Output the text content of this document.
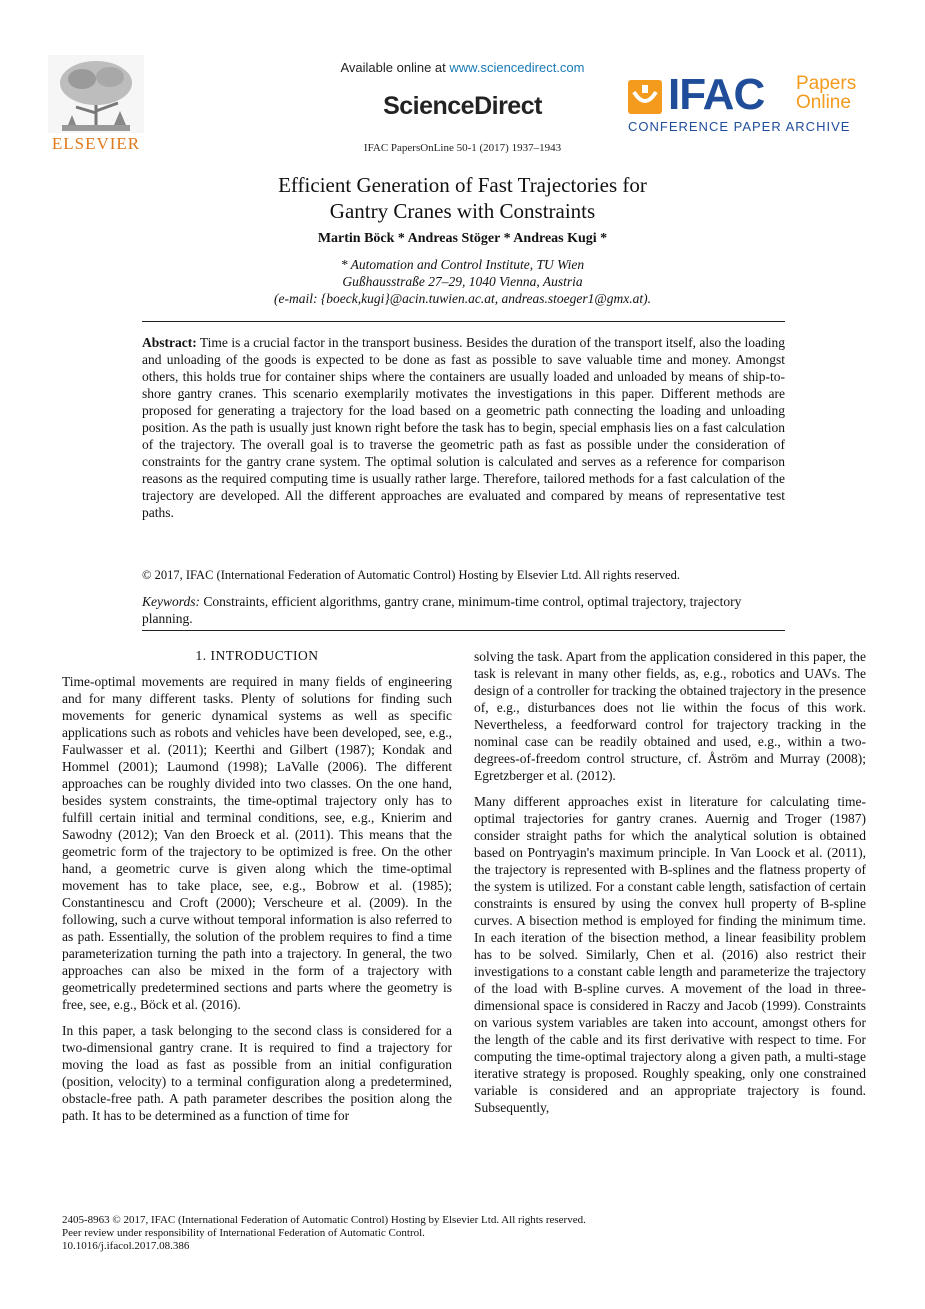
Available online at www.sciencedirect.com
ScienceDirect
IFAC PapersOnLine 50-1 (2017) 1937–1943
ELSEVIER
IFAC Papers
Online
CONFERENCE PAPER ARCHIVE
Efficient Generation of Fast Trajectories for
Gantry Cranes with Constraints
Martin Böck * Andreas Stöger * Andreas Kugi *
* Automation and Control Institute, TU Wien
Gußhausstraße 27–29, 1040 Vienna, Austria
(e-mail: {boeck,kugi}@acin.tuwien.ac.at, andreas.stoeger1@gmx.at).
Abstract: Time is a crucial factor in the transport business. Besides the duration of the transport itself, also the loading and unloading of the goods is expected to be done as fast as possible to save valuable time and money. Amongst others, this holds true for container ships where the containers are usually loaded and unloaded by means of ship-to-shore gantry cranes. This scenario exemplarily motivates the investigations in this paper. Different methods are proposed for generating a trajectory for the load based on a geometric path connecting the loading and unloading position. As the path is usually just known right before the task has to begin, special emphasis lies on a fast calculation of the trajectory. The overall goal is to traverse the geometric path as fast as possible under the consideration of constraints for the gantry crane system. The optimal solution is calculated and serves as a reference for comparison reasons as the required computing time is usually rather large. Therefore, tailored methods for a fast calculation of the trajectory are developed. All the different approaches are evaluated and compared by means of representative test paths.
© 2017, IFAC (International Federation of Automatic Control) Hosting by Elsevier Ltd. All rights reserved.
Keywords: Constraints, efficient algorithms, gantry crane, minimum-time control, optimal trajectory, trajectory planning.
1. INTRODUCTION

Time-optimal movements are required in many fields of engineering and for many different tasks. Plenty of solutions for finding such movements for generic dynamical systems as well as specific applications such as robots and vehicles have been developed, see, e.g., Faulwasser et al. (2011); Keerthi and Gilbert (1987); Kondak and Hommel (2001); Laumond (1998); LaValle (2006). The different approaches can be roughly divided into two classes. On the one hand, besides system constraints, the time-optimal trajectory only has to fulfill certain initial and terminal conditions, see, e.g., Knierim and Sawodny (2012); Van den Broeck et al. (2011). This means that the geometric form of the trajectory to be optimized is free. On the other hand, a geometric curve is given along which the time-optimal movement has to take place, see, e.g., Bobrow et al. (1985); Constantinescu and Croft (2000); Verscheure et al. (2009). In the following, such a curve without temporal information is also referred to as path. Essentially, the solution of the problem requires to find a time parameterization turning the path into a trajectory. In general, the two approaches can also be mixed in the form of a trajectory with geometrically predetermined sections and parts where the geometry is free, see, e.g., Böck et al. (2016).

In this paper, a task belonging to the second class is considered for a two-dimensional gantry crane. It is required to find a trajectory for moving the load as fast as possible from an initial configuration (position, velocity) to a terminal configuration along a predetermined, obstacle-free path. A path parameter describes the position along the path. It has to be determined as a function of time for

solving the task. Apart from the application considered in this paper, the task is relevant in many other fields, as, e.g., robotics and UAVs. The design of a controller for tracking the obtained trajectory in the presence of, e.g., disturbances does not lie within the focus of this work. Nevertheless, a feedforward control for trajectory tracking in the nominal case can be readily obtained and used, e.g., within a two-degrees-of-freedom control structure, cf. Åström and Murray (2008); Egretzberger et al. (2012).

Many different approaches exist in literature for calculating time-optimal trajectories for gantry cranes. Auernig and Troger (1987) consider straight paths for which the analytical solution is obtained based on Pontryagin's maximum principle. In Van Loock et al. (2011), the trajectory is represented with B-splines and the flatness property of the system is utilized. For a constant cable length, satisfaction of certain constraints is ensured by using the convex hull property of B-spline curves. A bisection method is employed for finding the minimum time. In each iteration of the bisection method, a linear feasibility problem has to be solved. Similarly, Chen et al. (2016) also restrict their investigations to a constant cable length and parameterize the trajectory of the load with B-spline curves. A movement of the load in three-dimensional space is considered in Raczy and Jacob (1999). Constraints on various system variables are taken into account, amongst others for the length of the cable and its first derivative with respect to time. For computing the time-optimal trajectory along a given path, a multi-stage iterative strategy is proposed. Roughly speaking, only one constrained variable is considered and an appropriate trajectory is found. Subsequently,

2405-8963 © 2017, IFAC (International Federation of Automatic Control) Hosting by Elsevier Ltd. All rights reserved.
Peer review under responsibility of International Federation of Automatic Control.
10.1016/j.ifacol.2017.08.386
